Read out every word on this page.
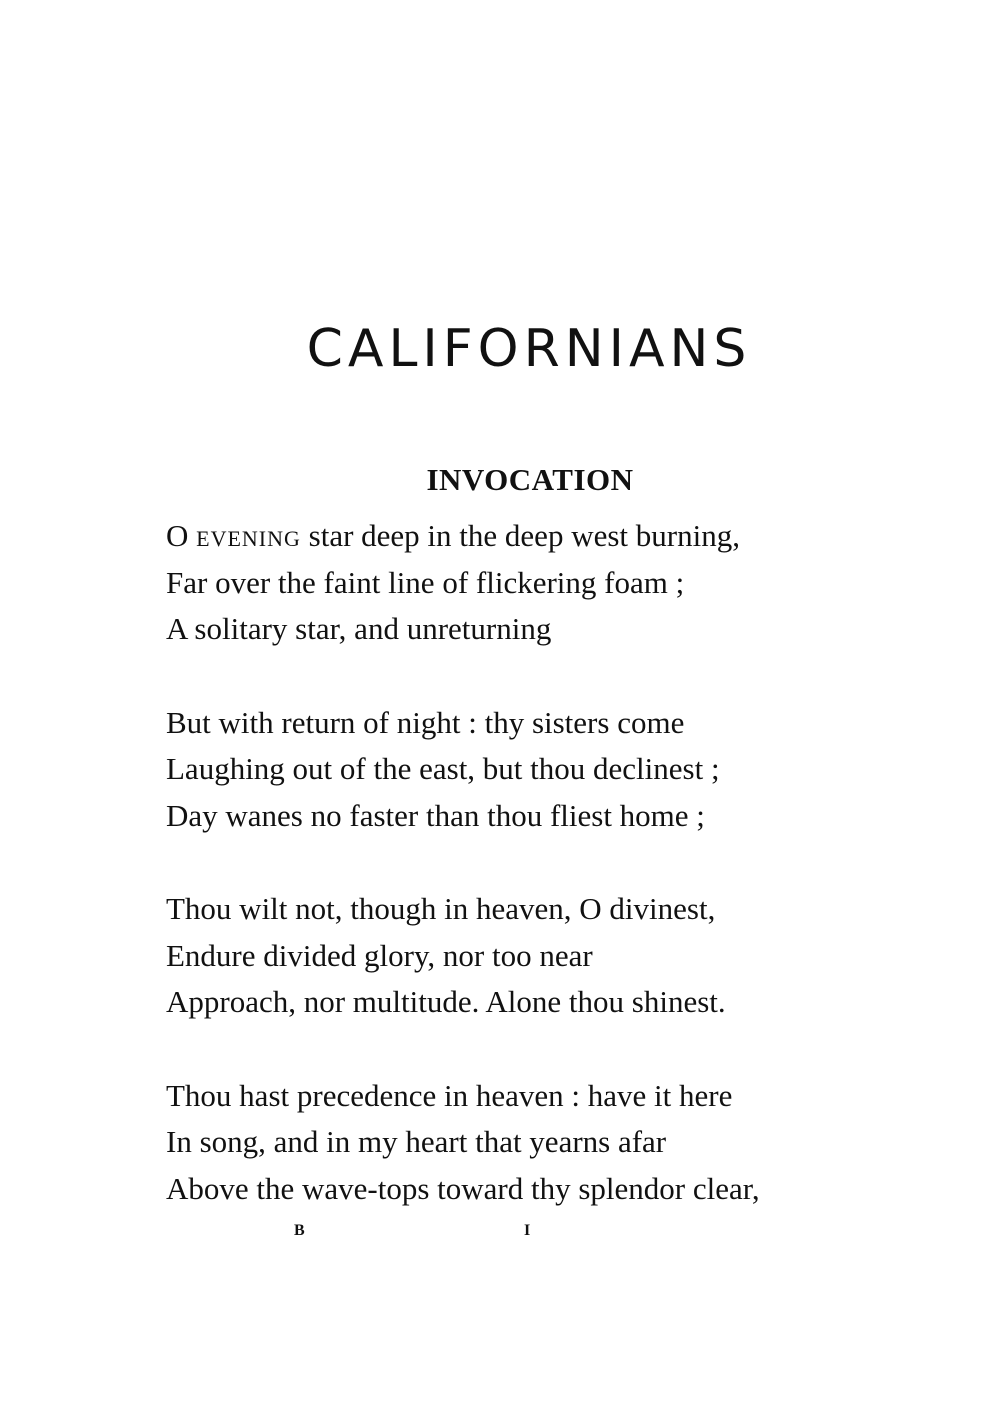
CALIFORNIANS
INVOCATION
O evening star deep in the deep west burning,
Far over the faint line of flickering foam ;
A solitary star, and unreturning
But with return of night : thy sisters come
Laughing out of the east, but thou declinest ;
Day wanes no faster than thou fliest home ;
Thou wilt not, though in heaven, O divinest,
Endure divided glory, nor too near
Approach, nor multitude. Alone thou shinest.
Thou hast precedence in heaven : have it here
In song, and in my heart that yearns afar
Above the wave-tops toward thy splendor clear,
B	I
